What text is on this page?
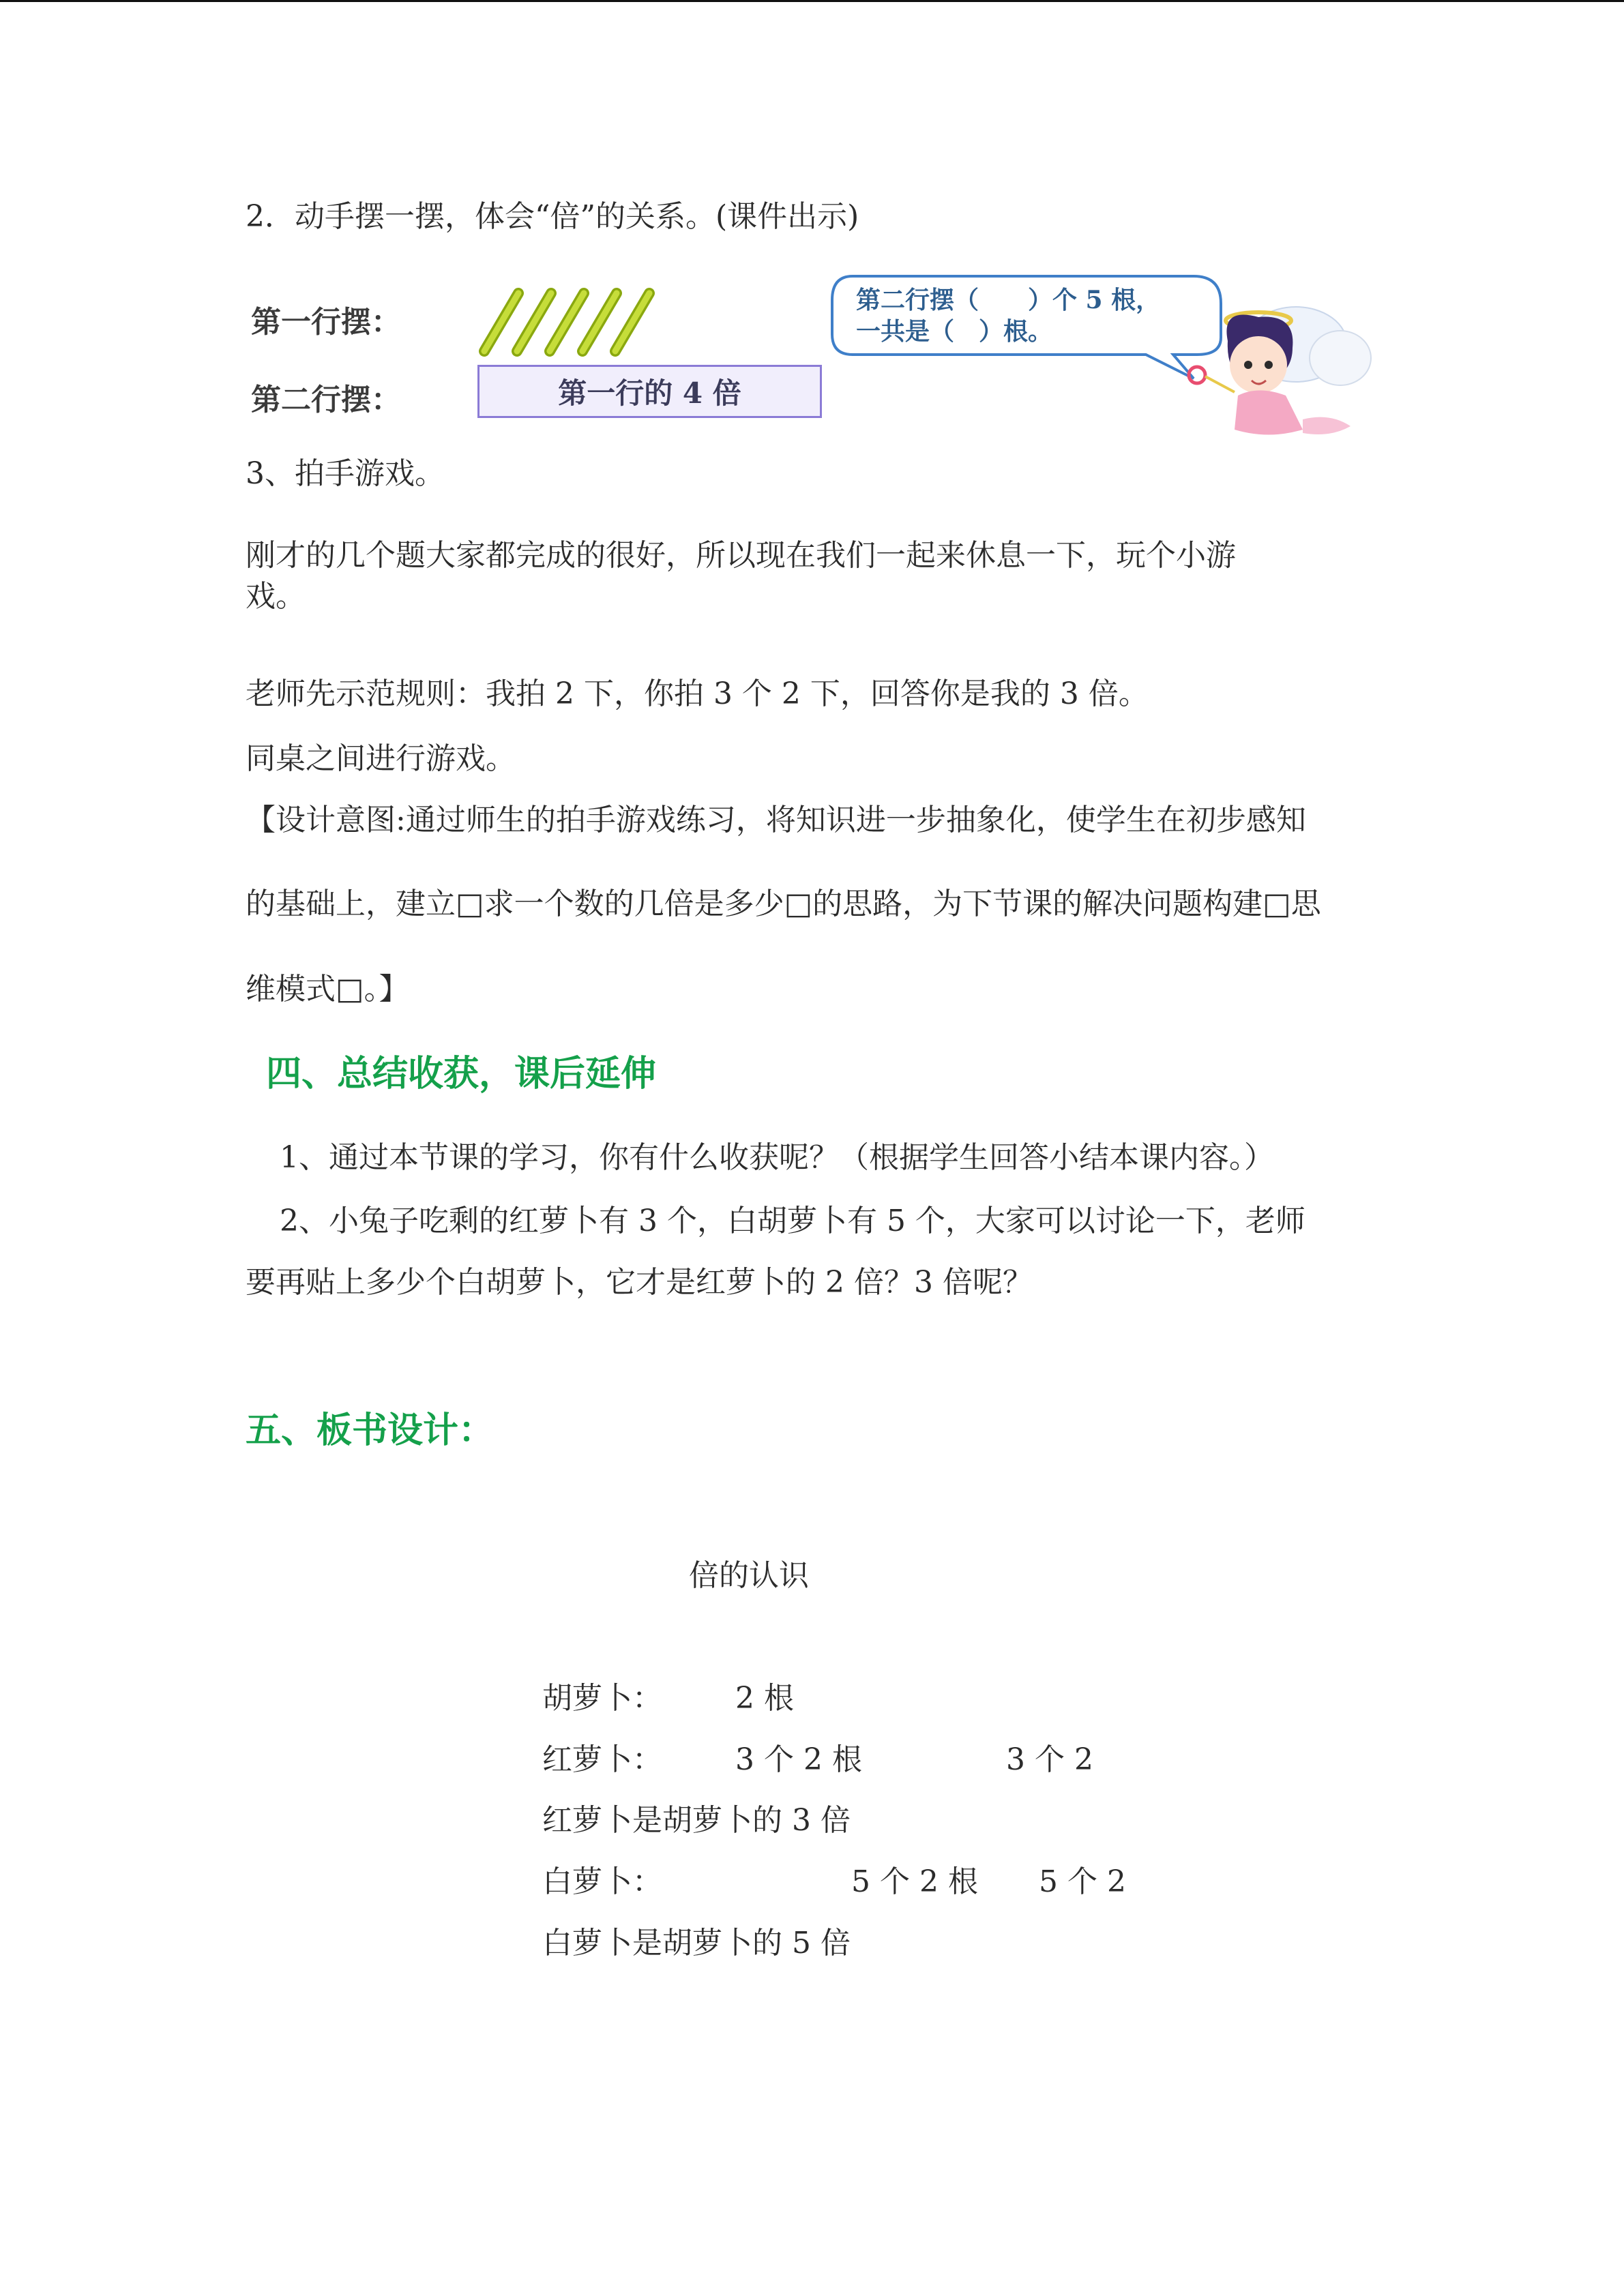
2．动手摆一摆，体会“倍”的关系。(课件出示)
第一行摆：
第二行摆：	第一行的 4 倍
第二行摆（　　）个 5 根，
一共是（　）根。
3、拍手游戏。
刚才的几个题大家都完成的很好，所以现在我们一起来休息一下，玩个小游
戏。
老师先示范规则：我拍 2 下，你拍 3 个 2 下，回答你是我的 3 倍。
同桌之间进行游戏。
【设计意图:通过师生的拍手游戏练习，将知识进一步抽象化，使学生在初步感知
的基础上，建立□求一个数的几倍是多少□的思路，为下节课的解决问题构建□思
维模式□。】
四、总结收获，课后延伸
1、通过本节课的学习，你有什么收获呢？（根据学生回答小结本课内容。）
2、小兔子吃剩的红萝卜有 3 个，白胡萝卜有 5 个，大家可以讨论一下，老师
要再贴上多少个白胡萝卜，它才是红萝卜的 2 倍？3 倍呢？
五、板书设计：
倍的认识
胡萝卜： 2 根
红萝卜： 3 个 2 根	3 个 2
红萝卜是胡萝卜的 3 倍
白萝卜：	5 个 2 根 5 个 2
白萝卜是胡萝卜的 5 倍
